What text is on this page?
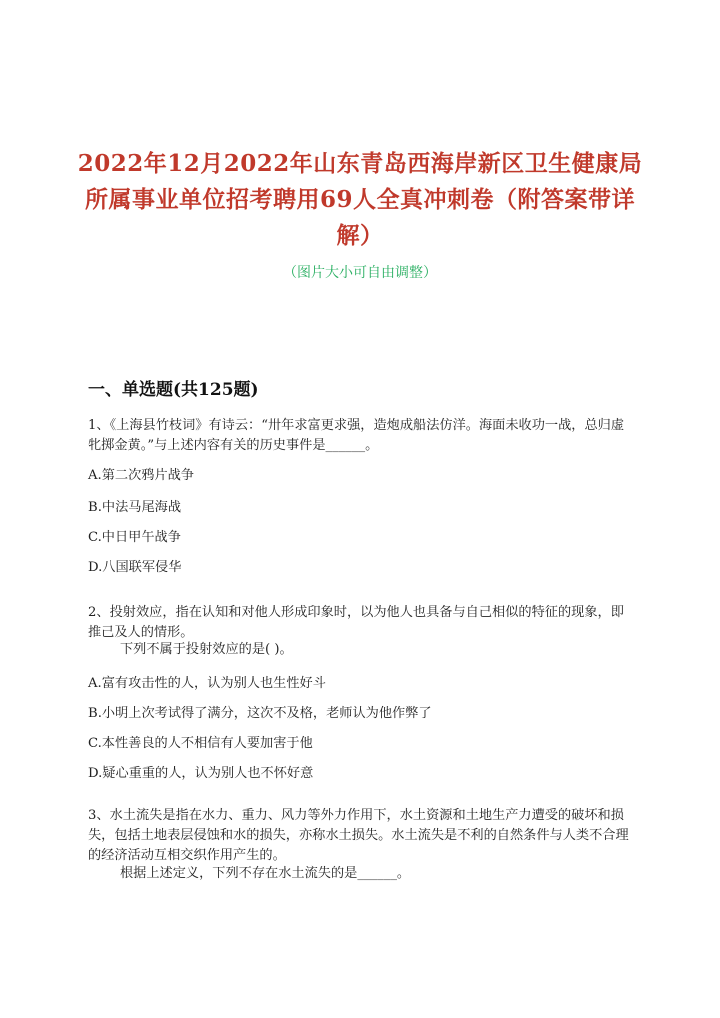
2022年12月2022年山东青岛西海岸新区卫生健康局所属事业单位招考聘用69人全真冲刺卷（附答案带详解）
（图片大小可自由调整）
一、单选题(共125题)
1、《上海县竹枝词》有诗云：“卅年求富更求强，造炮成船法仿洋。海面未收功一战，总归虚牝掷金黄。”与上述内容有关的历史事件是______。
A.第二次鸦片战争
B.中法马尾海战
C.中日甲午战争
D.八国联军侵华
2、投射效应，指在认知和对他人形成印象时，以为他人也具备与自己相似的特征的现象，即推己及人的情形。
下列不属于投射效应的是( )。
A.富有攻击性的人，认为别人也生性好斗
B.小明上次考试得了满分，这次不及格，老师认为他作弊了
C.本性善良的人不相信有人要加害于他
D.疑心重重的人，认为别人也不怀好意
3、水土流失是指在水力、重力、风力等外力作用下，水土资源和土地生产力遭受的破坏和损失，包括土地表层侵蚀和水的损失，亦称水土损失。水土流失是不利的自然条件与人类不合理的经济活动互相交织作用产生的。
根据上述定义，下列不存在水土流失的是______。
